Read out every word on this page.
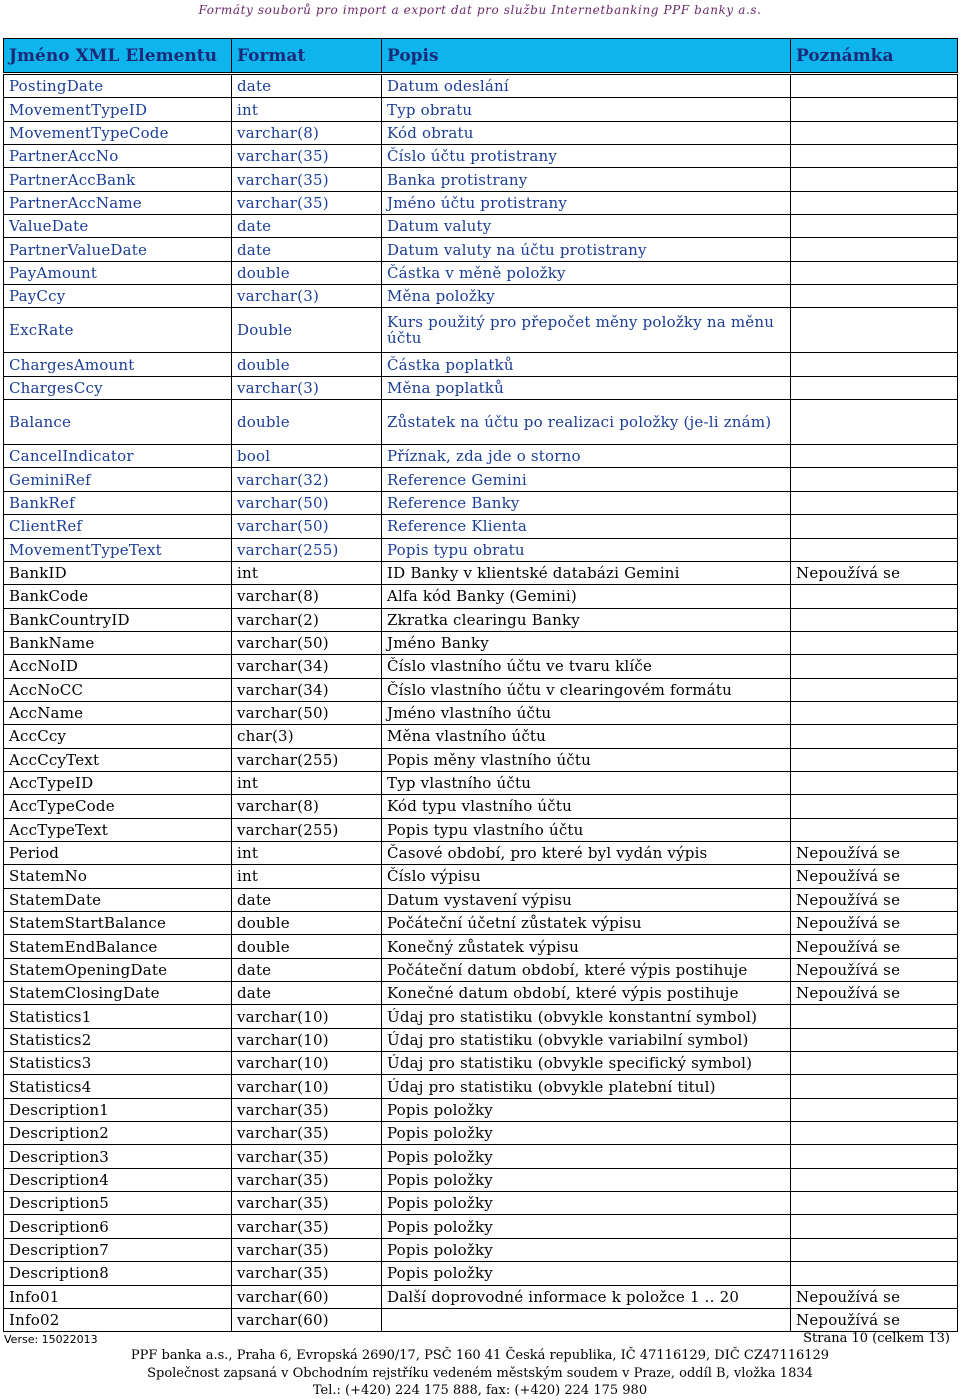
Formáty souborů pro import a export dat pro službu Internetbanking PPF banky a.s.
Jméno XML Elementu	Format	Popis	Poznámka
PostingDate	date	Datum odeslání	
MovementTypeID	int	Typ obratu	
MovementTypeCode	varchar(8)	Kód obratu	
PartnerAccNo	varchar(35)	Číslo účtu protistrany	
PartnerAccBank	varchar(35)	Banka protistrany	
PartnerAccName	varchar(35)	Jméno účtu protistrany	
ValueDate	date	Datum valuty	
PartnerValueDate	date	Datum valuty na účtu protistrany	
PayAmount	double	Částka v měně položky	
PayCcy	varchar(3)	Měna položky	
ExcRate	Double	Kurs použitý pro přepočet měny položky na měnu účtu	
ChargesAmount	double	Částka poplatků	
ChargesCcy	varchar(3)	Měna poplatků	
Balance	double	Zůstatek na účtu po realizaci položky (je-li znám)	
CancelIndicator	bool	Příznak, zda jde o storno	
GeminiRef	varchar(32)	Reference Gemini	
BankRef	varchar(50)	Reference Banky	
ClientRef	varchar(50)	Reference Klienta	
MovementTypeText	varchar(255)	Popis typu obratu	
BankID	int	ID Banky v klientské databázi Gemini	Nepoužívá se
BankCode	varchar(8)	Alfa kód Banky (Gemini)	
BankCountryID	varchar(2)	Zkratka clearingu Banky	
BankName	varchar(50)	Jméno Banky	
AccNoID	varchar(34)	Číslo vlastního účtu ve tvaru klíče	
AccNoCC	varchar(34)	Číslo vlastního účtu v clearingovém formátu	
AccName	varchar(50)	Jméno vlastního účtu	
AccCcy	char(3)	Měna vlastního účtu	
AccCcyText	varchar(255)	Popis měny vlastního účtu	
AccTypeID	int	Typ vlastního účtu	
AccTypeCode	varchar(8)	Kód typu vlastního účtu	
AccTypeText	varchar(255)	Popis typu vlastního účtu	
Period	int	Časové období, pro které byl vydán výpis	Nepoužívá se
StatemNo	int	Číslo výpisu	Nepoužívá se
StatemDate	date	Datum vystavení výpisu	Nepoužívá se
StatemStartBalance	double	Počáteční účetní zůstatek výpisu	Nepoužívá se
StatemEndBalance	double	Konečný zůstatek výpisu	Nepoužívá se
StatemOpeningDate	date	Počáteční datum období, které výpis postihuje	Nepoužívá se
StatemClosingDate	date	Konečné datum období, které výpis postihuje	Nepoužívá se
Statistics1	varchar(10)	Údaj pro statistiku (obvykle konstantní symbol)	
Statistics2	varchar(10)	Údaj pro statistiku (obvykle variabilní symbol)	
Statistics3	varchar(10)	Údaj pro statistiku (obvykle specifický symbol)	
Statistics4	varchar(10)	Údaj pro statistiku (obvykle platební titul)	
Description1	varchar(35)	Popis položky	
Description2	varchar(35)	Popis položky	
Description3	varchar(35)	Popis položky	
Description4	varchar(35)	Popis položky	
Description5	varchar(35)	Popis položky	
Description6	varchar(35)	Popis položky	
Description7	varchar(35)	Popis položky	
Description8	varchar(35)	Popis položky	
Info01	varchar(60)	Další doprovodné informace k položce 1 .. 20	Nepoužívá se
Info02	varchar(60)		Nepoužívá se
Verse: 15022013	Strana 10 (celkem 13)
PPF banka a.s., Praha 6, Evropská 2690/17, PSČ 160 41 Česká republika, IČ 47116129, DIČ CZ47116129
Společnost zapsaná v Obchodním rejstříku vedeném městským soudem v Praze, oddíl B, vložka 1834
Tel.: (+420) 224 175 888, fax: (+420) 224 175 980
